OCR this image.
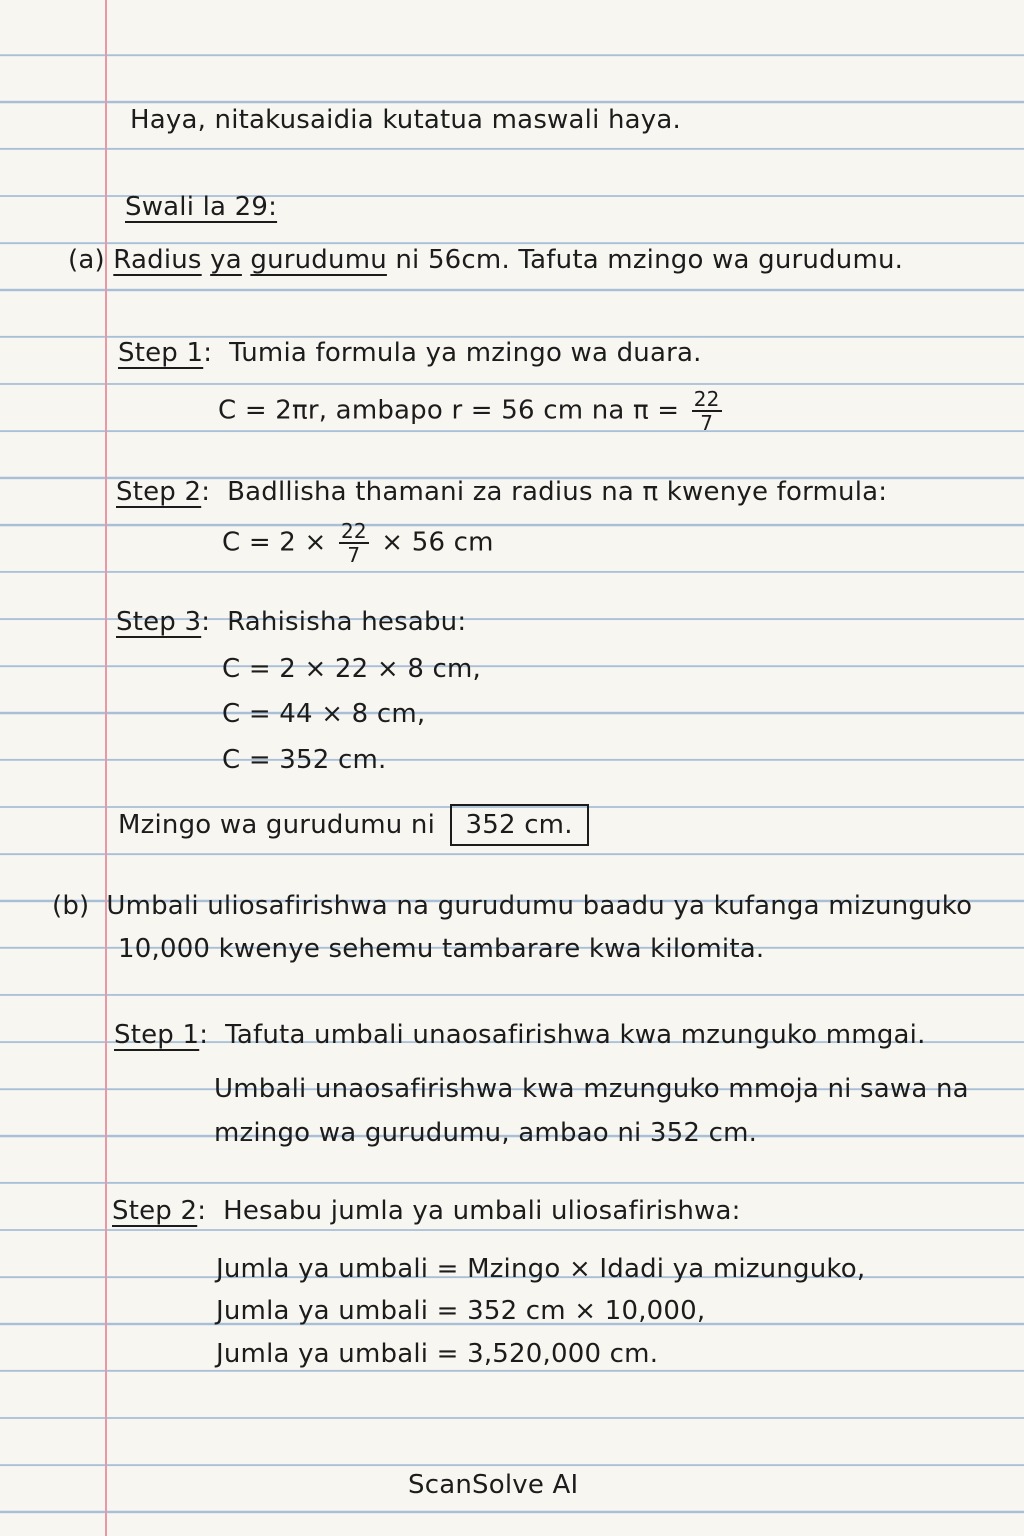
Haya, nitakusaidia kutatua maswali haya.
Swali la 29:
(a) Radius ya gurudumu ni 56cm. Tafuta mzingo wa gurudumu.
Step 1:  Tumia formula ya mzingo wa duara.
C = 2πr, ambapo r = 56 cm na $\pi = \frac{22}{7}$
Step 2:  Badllisha thamani za radius na π kwenye formula:
$C = 2 \times \frac{22}{7} \times 56$ cm
Step 3:  Rahisisha hesabu:
C = 2 × 22 × 8 cm,
C = 44 × 8 cm,
C = 352 cm.
Mzingo wa gurudumu ni 352 cm.
(b) Umbali uliosafirishwa na gurudumu baadu ya kufanga mizunguko
10,000 kwenye sehemu tambarare kwa kilomita.
Step 1:  Tafuta umbali unaosafirishwa kwa mzunguko mmgai.
Umbali unaosafirishwa kwa mzunguko mmoja ni sawa na
mzingo wa gurudumu, ambao ni 352 cm.
Step 2:  Hesabu jumla ya umbali uliosafirishwa:
Jumla ya umbali = Mzingo × Idadi ya mizunguko,
Jumla ya umbali = 352 cm × 10,000,
Jumla ya umbali = 3,520,000 cm.
ScanSolve AI
